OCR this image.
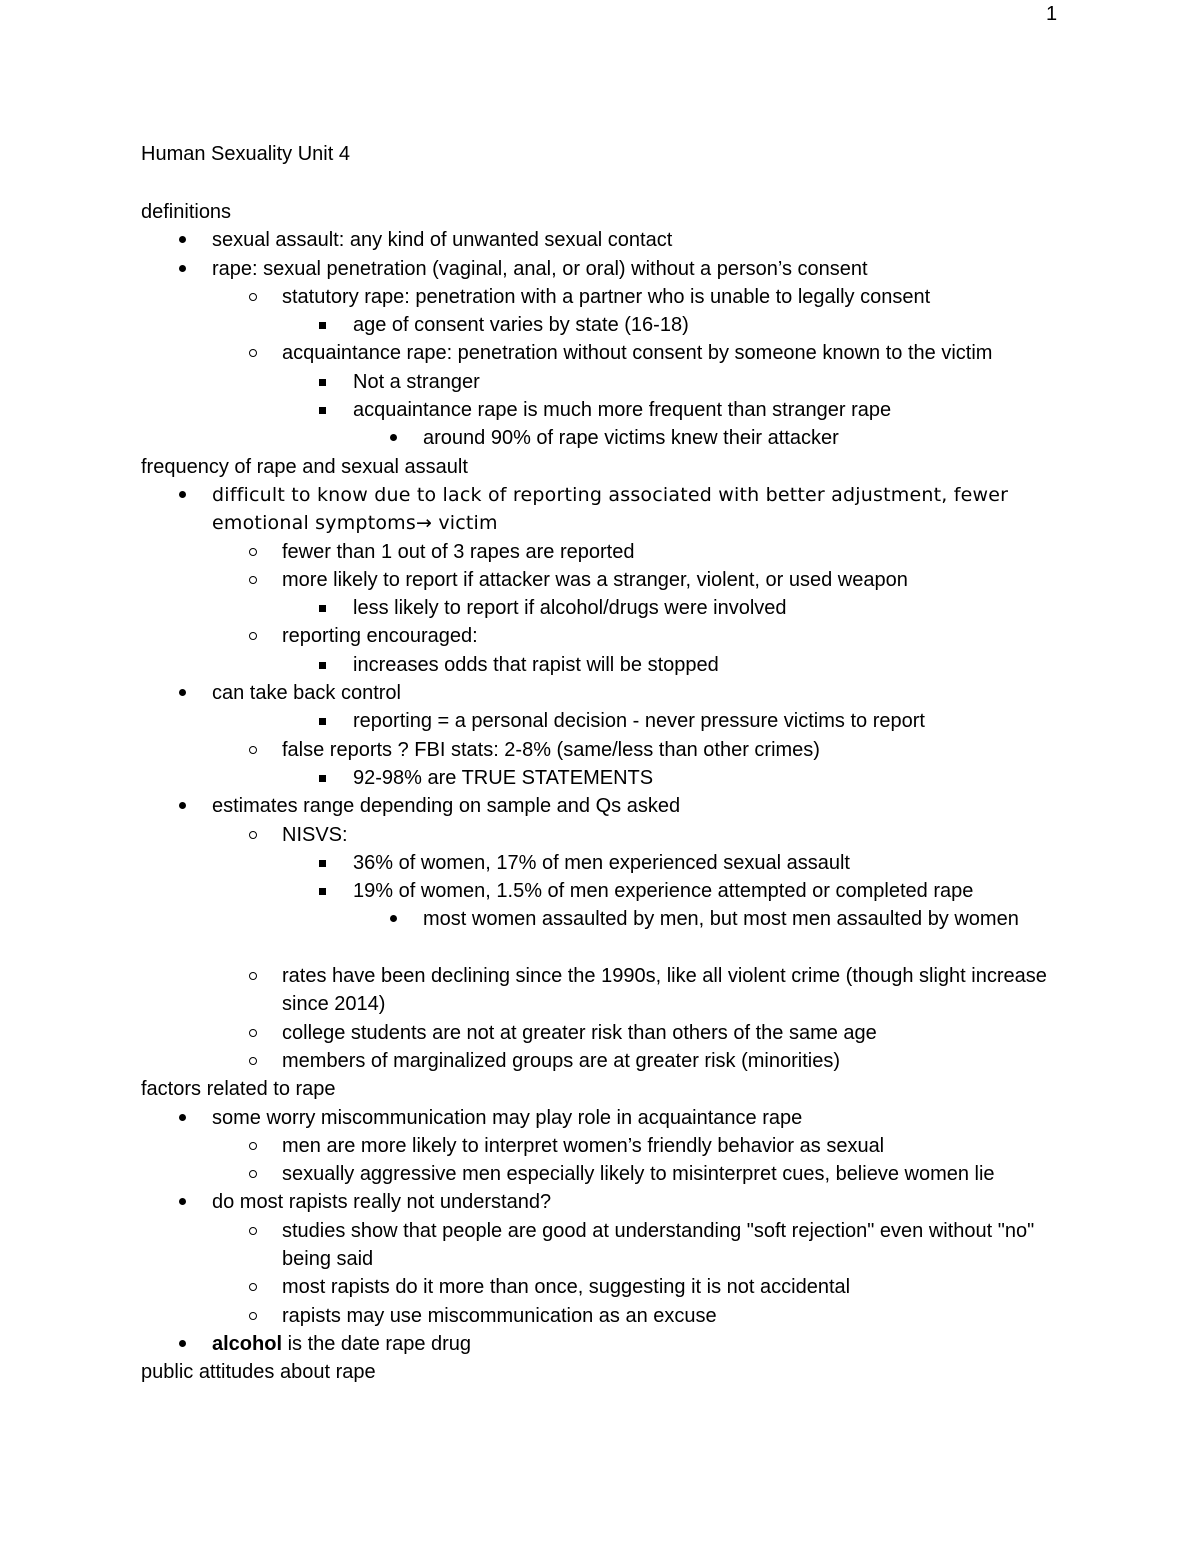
1
Human Sexuality Unit 4
definitions
sexual assault: any kind of unwanted sexual contact
rape: sexual penetration (vaginal, anal, or oral) without a person’s consent
statutory rape: penetration with a partner who is unable to legally consent
age of consent varies by state (16-18)
acquaintance rape: penetration without consent by someone known to the victim
Not a stranger
acquaintance rape is much more frequent than stranger rape
around 90% of rape victims knew their attacker
frequency of rape and sexual assault
difficult to know due to lack of reporting associated with better adjustment, fewer emotional symptoms→ victim
fewer than 1 out of 3 rapes are reported
more likely to report if attacker was a stranger, violent, or used weapon
less likely to report if alcohol/drugs were involved
reporting encouraged:
increases odds that rapist will be stopped
can take back control
reporting = a personal decision - never pressure victims to report
false reports ? FBI stats: 2-8% (same/less than other crimes)
92-98% are TRUE STATEMENTS
estimates range depending on sample and Qs asked
NISVS:
36% of women, 17% of men experienced sexual assault
19% of women, 1.5% of men experience attempted or completed rape
most women assaulted by men, but most men assaulted by women
rates have been declining since the 1990s, like all violent crime (though slight increase since 2014)
college students are not at greater risk than others of the same age
members of marginalized groups are at greater risk (minorities)
factors related to rape
some worry miscommunication may play role in acquaintance rape
men are more likely to interpret women’s friendly behavior as sexual
sexually aggressive men especially likely to misinterpret cues, believe women lie
do most rapists really not understand?
studies show that people are good at understanding "soft rejection" even without "no" being said
most rapists do it more than once, suggesting it is not accidental
rapists may use miscommunication as an excuse
alcohol is the date rape drug
public attitudes about rape
